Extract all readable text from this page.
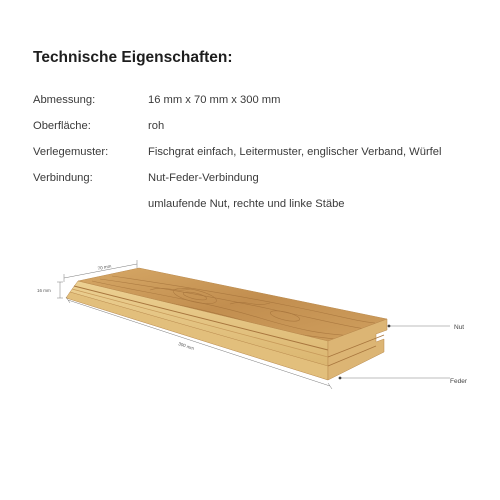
Technische Eigenschaften:
Abmessung:	16 mm x 70 mm x 300 mm
Oberfläche:	roh
Verlegemuster:	Fischgrat einfach, Leitermuster, englischer Verband, Würfel
Verbindung:	Nut-Feder-Verbindung
umlaufende Nut, rechte und linke Stäbe
70 mm
16 mm
300 mm
Nut
Feder
